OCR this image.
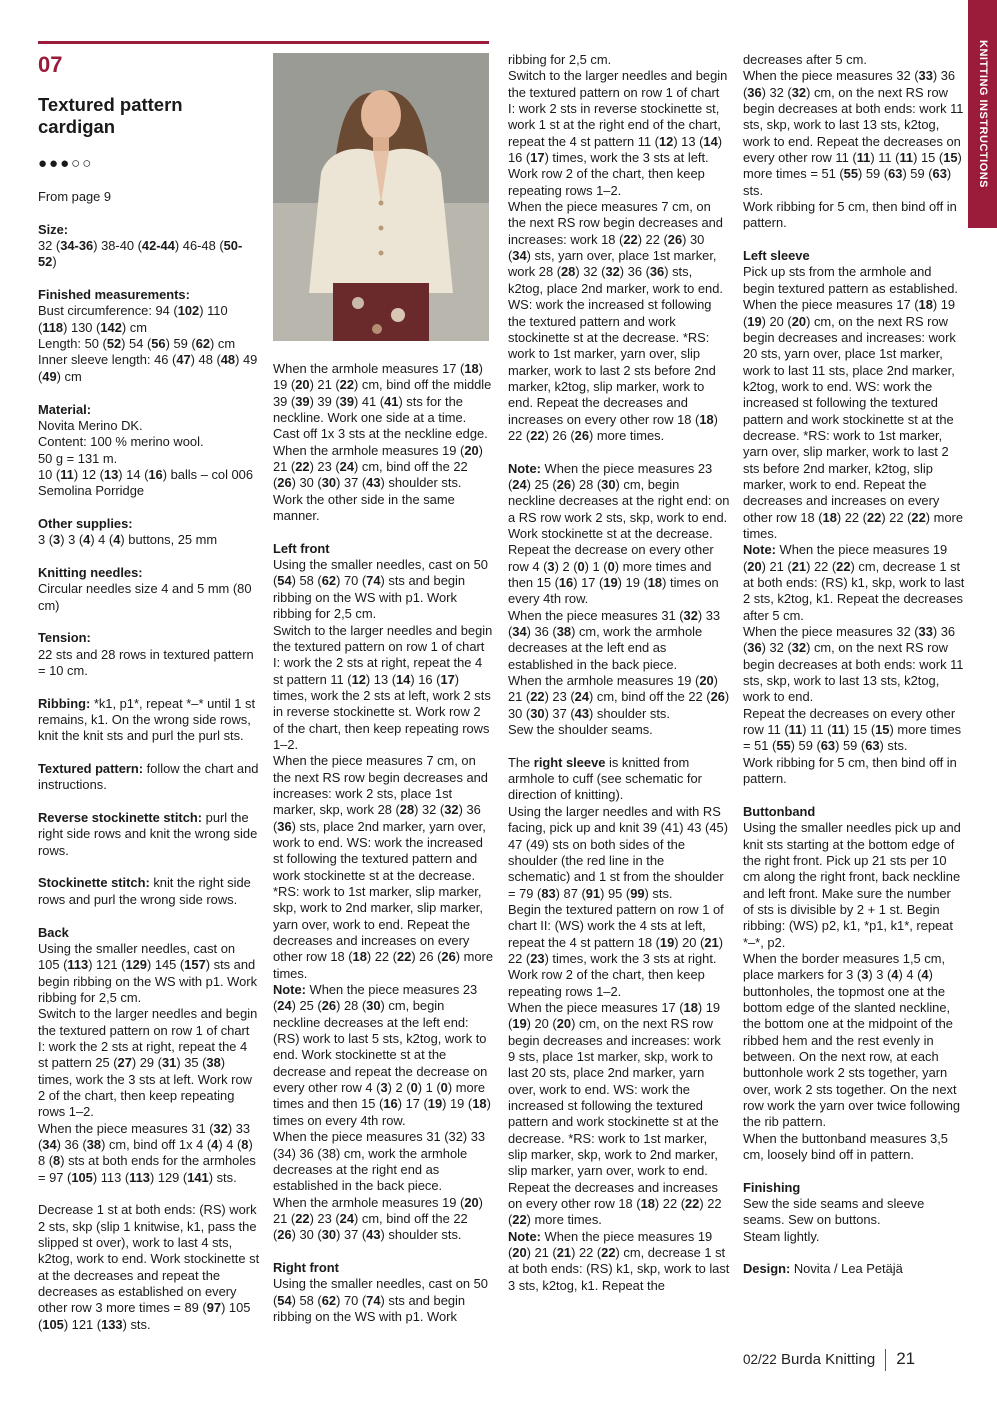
KNITTING INSTRUCTIONS

07

Textured pattern cardigan

●●●○○

From page 9

Size:
32 (34-36) 38-40 (42-44) 46-48 (50-52)

Finished measurements:
Bust circumference: 94 (102) 110 (118) 130 (142) cm
Length: 50 (52) 54 (56) 59 (62) cm
Inner sleeve length: 46 (47) 48 (48) 49 (49) cm

Material:
Novita Merino DK.
Content: 100 % merino wool.
50 g = 131 m.
10 (11) 12 (13) 14 (16) balls – col 006 Semolina Porridge

Other supplies:
3 (3) 3 (4) 4 (4) buttons, 25 mm

Knitting needles:
Circular needles size 4 and 5 mm (80 cm)

Tension:
22 sts and 28 rows in textured pattern = 10 cm.

Ribbing: *k1, p1*, repeat *–* until 1 st remains, k1. On the wrong side rows, knit the knit sts and purl the purl sts.

Textured pattern: follow the chart and instructions.

Reverse stockinette stitch: purl the right side rows and knit the wrong side rows.

Stockinette stitch: knit the right side rows and purl the wrong side rows.

Back
Using the smaller needles, cast on 105 (113) 121 (129) 145 (157) sts and begin ribbing on the WS with p1. Work ribbing for 2,5 cm.
Switch to the larger needles and begin the textured pattern on row 1 of chart I: work the 2 sts at right, repeat the 4 st pattern 25 (27) 29 (31) 35 (38) times, work the 3 sts at left. Work row 2 of the chart, then keep repeating rows 1–2.
When the piece measures 31 (32) 33 (34) 36 (38) cm, bind off 1x 4 (4) 4 (8) 8 (8) sts at both ends for the armholes = 97 (105) 113 (113) 129 (141) sts.

Decrease 1 st at both ends: (RS) work 2 sts, skp (slip 1 knitwise, k1, pass the slipped st over), work to last 4 sts, k2tog, work to end. Work stockinette st at the decreases and repeat the decreases as established on every other row 3 more times = 89 (97) 105 (105) 121 (133) sts.

When the armhole measures 17 (18) 19 (20) 21 (22) cm, bind off the middle 39 (39) 39 (39) 41 (41) sts for the neckline. Work one side at a time. Cast off 1x 3 sts at the neckline edge.
When the armhole measures 19 (20) 21 (22) 23 (24) cm, bind off the 22 (26) 30 (30) 37 (43) shoulder sts. Work the other side in the same manner.

Left front
Using the smaller needles, cast on 50 (54) 58 (62) 70 (74) sts and begin ribbing on the WS with p1. Work ribbing for 2,5 cm.
Switch to the larger needles and begin the textured pattern on row 1 of chart I: work the 2 sts at right, repeat the 4 st pattern 11 (12) 13 (14) 16 (17) times, work the 2 sts at left, work 2 sts in reverse stockinette st. Work row 2 of the chart, then keep repeating rows 1–2.
When the piece measures 7 cm, on the next RS row begin decreases and increases: work 2 sts, place 1st marker, skp, work 28 (28) 32 (32) 36 (36) sts, place 2nd marker, yarn over, work to end. WS: work the increased st following the textured pattern and work stockinette st at the decrease. *RS: work to 1st marker, slip marker, skp, work to 2nd marker, slip marker, yarn over, work to end. Repeat the decreases and increases on every other row 18 (18) 22 (22) 26 (26) more times.
Note: When the piece measures 23 (24) 25 (26) 28 (30) cm, begin neckline decreases at the left end: (RS) work to last 5 sts, k2tog, work to end. Work stockinette st at the decrease and repeat the decrease on every other row 4 (3) 2 (0) 1 (0) more times and then 15 (16) 17 (19) 19 (18) times on every 4th row.
When the piece measures 31 (32) 33 (34) 36 (38) cm, work the armhole decreases at the right end as established in the back piece.
When the armhole measures 19 (20) 21 (22) 23 (24) cm, bind off the 22 (26) 30 (30) 37 (43) shoulder sts.

Right front
Using the smaller needles, cast on 50 (54) 58 (62) 70 (74) sts and begin ribbing on the WS with p1. Work

ribbing for 2,5 cm.
Switch to the larger needles and begin the textured pattern on row 1 of chart I: work 2 sts in reverse stockinette st, work 1 st at the right end of the chart, repeat the 4 st pattern 11 (12) 13 (14) 16 (17) times, work the 3 sts at left. Work row 2 of the chart, then keep repeating rows 1–2.
When the piece measures 7 cm, on the next RS row begin decreases and increases: work 18 (22) 22 (26) 30 (34) sts, yarn over, place 1st marker, work 28 (28) 32 (32) 36 (36) sts, k2tog, place 2nd marker, work to end. WS: work the increased st following the textured pattern and work stockinette st at the decrease. *RS: work to 1st marker, yarn over, slip marker, work to last 2 sts before 2nd marker, k2tog, slip marker, work to end. Repeat the decreases and increases on every other row 18 (18) 22 (22) 26 (26) more times.

Note: When the piece measures 23 (24) 25 (26) 28 (30) cm, begin neckline decreases at the right end: on a RS row work 2 sts, skp, work to end. Work stockinette st at the decrease. Repeat the decrease on every other row 4 (3) 2 (0) 1 (0) more times and then 15 (16) 17 (19) 19 (18) times on every 4th row.
When the piece measures 31 (32) 33 (34) 36 (38) cm, work the armhole decreases at the left end as established in the back piece.
When the armhole measures 19 (20) 21 (22) 23 (24) cm, bind off the 22 (26) 30 (30) 37 (43) shoulder sts.
Sew the shoulder seams.

The right sleeve is knitted from armhole to cuff (see schematic for direction of knitting).
Using the larger needles and with RS facing, pick up and knit 39 (41) 43 (45) 47 (49) sts on both sides of the shoulder (the red line in the schematic) and 1 st from the shoulder = 79 (83) 87 (91) 95 (99) sts.
Begin the textured pattern on row 1 of chart II: (WS) work the 4 sts at left, repeat the 4 st pattern 18 (19) 20 (21) 22 (23) times, work the 3 sts at right. Work row 2 of the chart, then keep repeating rows 1–2.
When the piece measures 17 (18) 19 (19) 20 (20) cm, on the next RS row begin decreases and increases: work 9 sts, place 1st marker, skp, work to last 20 sts, place 2nd marker, yarn over, work to end. WS: work the increased st following the textured pattern and work stockinette st at the decrease. *RS: work to 1st marker, slip marker, skp, work to 2nd marker, slip marker, yarn over, work to end. Repeat the decreases and increases on every other row 18 (18) 22 (22) 22 (22) more times.
Note: When the piece measures 19 (20) 21 (21) 22 (22) cm, decrease 1 st at both ends: (RS) k1, skp, work to last 3 sts, k2tog, k1. Repeat the

decreases after 5 cm.
When the piece measures 32 (33) 36 (36) 32 (32) cm, on the next RS row begin decreases at both ends: work 11 sts, skp, work to last 13 sts, k2tog, work to end. Repeat the decreases on every other row 11 (11) 11 (11) 15 (15) more times = 51 (55) 59 (63) 59 (63) sts.
Work ribbing for 5 cm, then bind off in pattern.

Left sleeve
Pick up sts from the armhole and begin textured pattern as established.
When the piece measures 17 (18) 19 (19) 20 (20) cm, on the next RS row begin decreases and increases: work 20 sts, yarn over, place 1st marker, work to last 11 sts, place 2nd marker, k2tog, work to end. WS: work the increased st following the textured pattern and work stockinette st at the decrease. *RS: work to 1st marker, yarn over, slip marker, work to last 2 sts before 2nd marker, k2tog, slip marker, work to end. Repeat the decreases and increases on every other row 18 (18) 22 (22) 22 (22) more times.
Note: When the piece measures 19 (20) 21 (21) 22 (22) cm, decrease 1 st at both ends: (RS) k1, skp, work to last 2 sts, k2tog, k1. Repeat the decreases after 5 cm.
When the piece measures 32 (33) 36 (36) 32 (32) cm, on the next RS row begin decreases at both ends: work 11 sts, skp, work to last 13 sts, k2tog, work to end.
Repeat the decreases on every other row 11 (11) 11 (11) 15 (15) more times = 51 (55) 59 (63) 59 (63) sts.
Work ribbing for 5 cm, then bind off in pattern.

Buttonband
Using the smaller needles pick up and knit sts starting at the bottom edge of the right front. Pick up 21 sts per 10 cm along the right front, back neckline and left front. Make sure the number of sts is divisible by 2 + 1 st. Begin ribbing: (WS) p2, k1, *p1, k1*, repeat *–*, p2.
When the border measures 1,5 cm, place markers for 3 (3) 3 (4) 4 (4) buttonholes, the topmost one at the bottom edge of the slanted neckline, the bottom one at the midpoint of the ribbed hem and the rest evenly in between. On the next row, at each buttonhole work 2 sts together, yarn over, work 2 sts together. On the next row work the yarn over twice following the rib pattern.
When the buttonband measures 3,5 cm, loosely bind off in pattern.

Finishing
Sew the side seams and sleeve seams. Sew on buttons.
Steam lightly.

Design: Novita / Lea Petäjä

02/22 Burda Knitting 21
